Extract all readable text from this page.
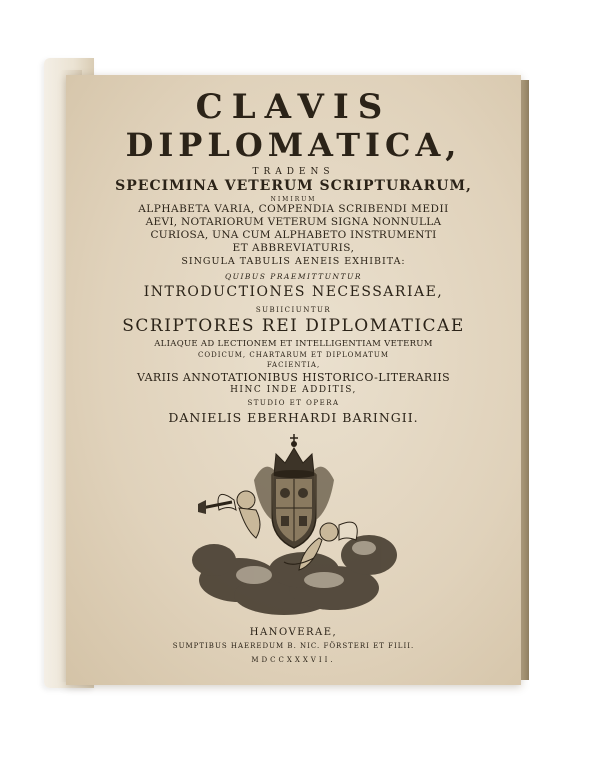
CLAVIS
DIPLOMATICA,
TRADENS
SPECIMINA VETERUM SCRIPTURARUM,
NIMIRUM
ALPHABETA VARIA, COMPENDIA SCRIBENDI MEDII
AEVI, NOTARIORUM VETERUM SIGNA NONNULLA
CURIOSA, UNA CUM ALPHABETO INSTRUMENTI
ET ABBREVIATURIS,
SINGULA TABULIS AENEIS EXHIBITA:
QUIBUS PRAEMITTUNTUR
INTRODUCTIONES NECESSARIAE,
SUBIICIUNTUR
SCRIPTORES REI DIPLOMATICAE
ALIAQUE AD LECTIONEM ET INTELLIGENTIAM VETERUM
CODICUM, CHARTARUM ET DIPLOMATUM
FACIENTIA,
VARIIS ANNOTATIONIBUS HISTORICO-LITERARIIS
HINC INDE ADDITIS,
STUDIO ET OPERA
DANIELIS EBERHARDI BARINGII.
HANOVERAE,
SUMPTIBUS HAEREDUM B. NIC. FÖRSTERI ET FILII.
MDCCXXXVII.
